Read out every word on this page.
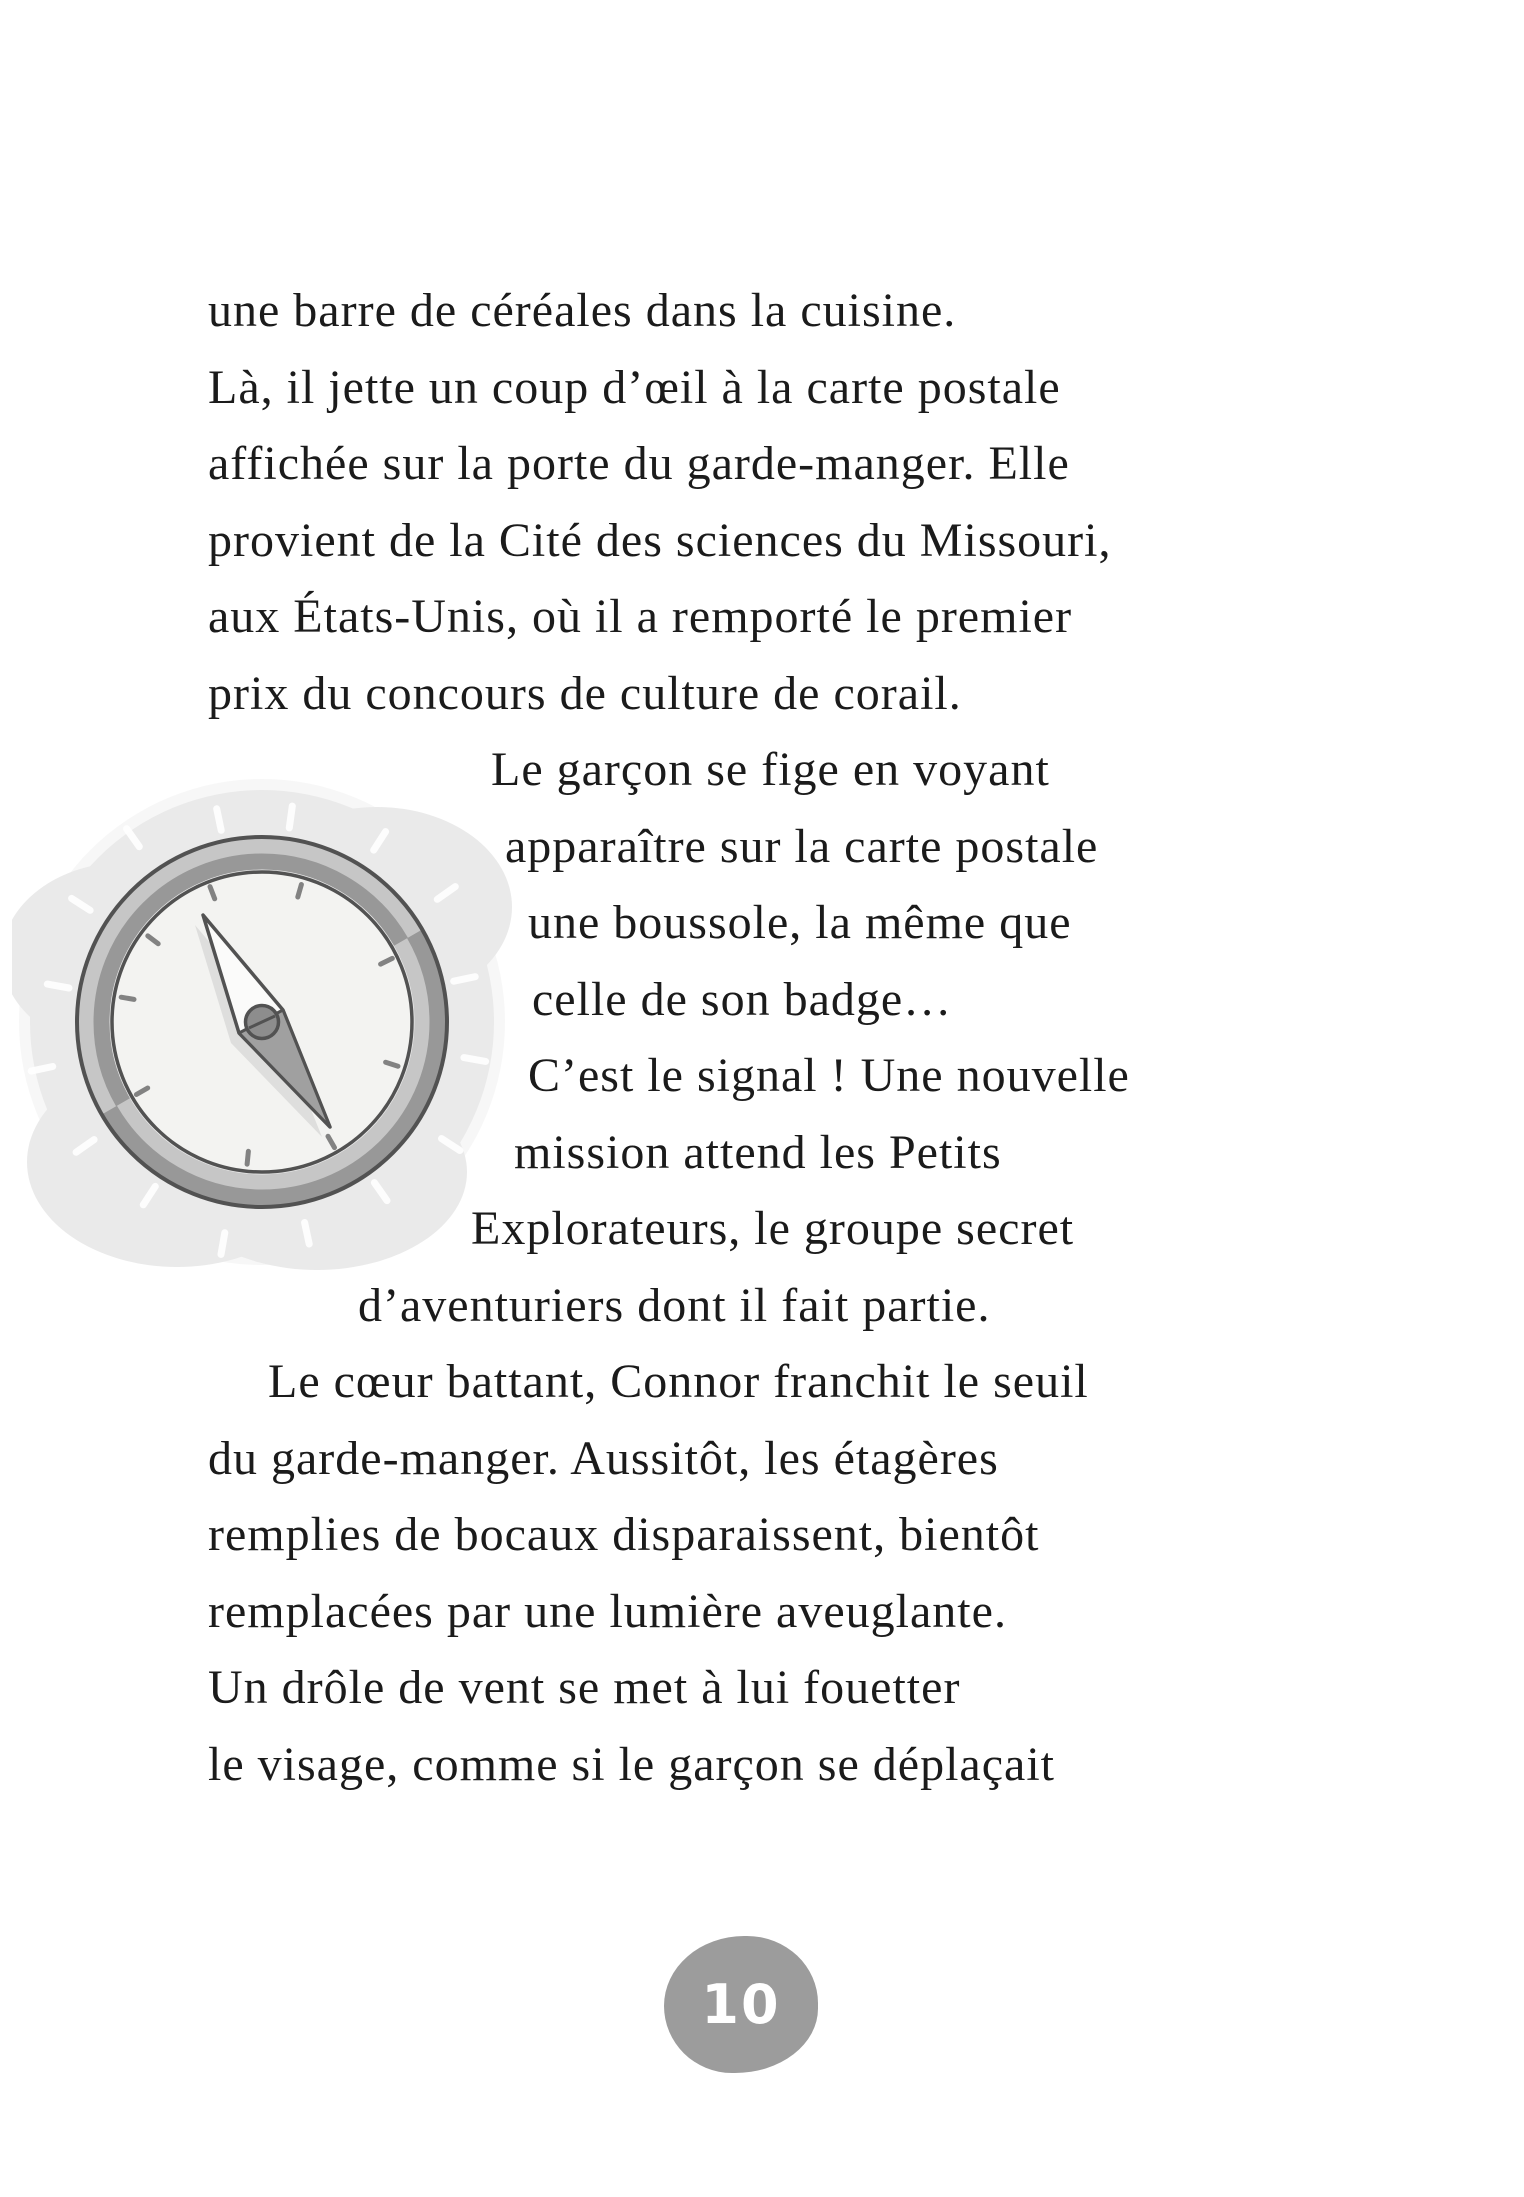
une barre de céréales dans la cuisine.
Là, il jette un coup d’œil à la carte postale
affichée sur la porte du garde-manger. Elle
provient de la Cité des sciences du Missouri,
aux États-Unis, où il a remporté le premier
prix du concours de culture de corail.
Le garçon se fige en voyant
apparaître sur la carte postale
une boussole, la même que
celle de son badge…
C’est le signal ! Une nouvelle
mission attend les Petits
Explorateurs, le groupe secret
d’aventuriers dont il fait partie.
Le cœur battant, Connor franchit le seuil
du garde-manger. Aussitôt, les étagères
remplies de bocaux disparaissent, bientôt
remplacées par une lumière aveuglante.
Un drôle de vent se met à lui fouetter
le visage, comme si le garçon se déplaçait
10
